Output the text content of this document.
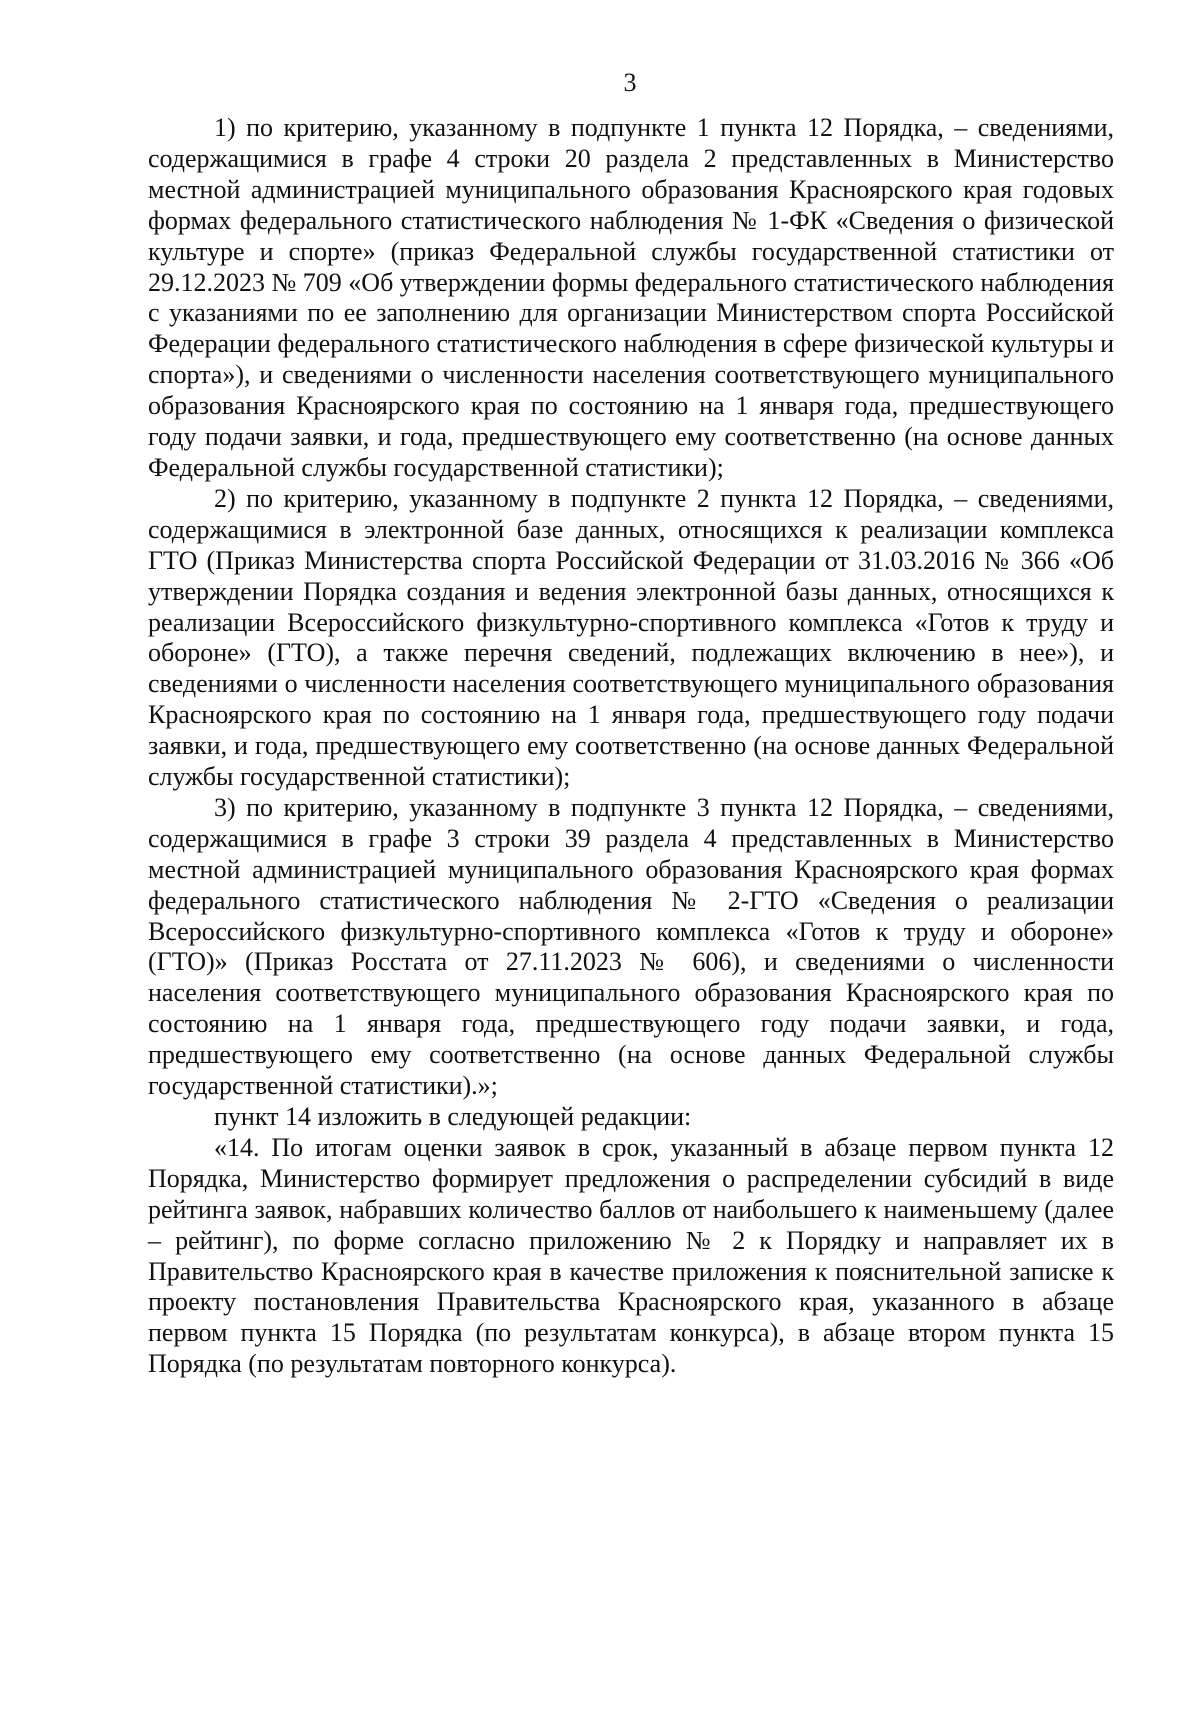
3

1) по критерию, указанному в подпункте 1 пункта 12 Порядка, – сведениями, содержащимися в графе 4 строки 20 раздела 2 представленных в Министерство местной администрацией муниципального образования Красноярского края годовых формах федерального статистического наблюдения № 1-ФК «Сведения о физической культуре и спорте» (приказ Федеральной службы государственной статистики от 29.12.2023 № 709 «Об утверждении формы федерального статистического наблюдения с указаниями по ее заполнению для организации Министерством спорта Российской Федерации федерального статистического наблюдения в сфере физической культуры и спорта»), и сведениями о численности населения соответствующего муниципального образования Красноярского края по состоянию на 1 января года, предшествующего году подачи заявки, и года, предшествующего ему соответственно (на основе данных Федеральной службы государственной статистики);

2) по критерию, указанному в подпункте 2 пункта 12 Порядка, – сведениями, содержащимися в электронной базе данных, относящихся к реализации комплекса ГТО (Приказ Министерства спорта Российской Федерации от 31.03.2016 № 366 «Об утверждении Порядка создания и ведения электронной базы данных, относящихся к реализации Всероссийского физкультурно-спортивного комплекса «Готов к труду и обороне» (ГТО), а также перечня сведений, подлежащих включению в нее»), и сведениями о численности населения соответствующего муниципального образования Красноярского края по состоянию на 1 января года, предшествующего году подачи заявки, и года, предшествующего ему соответственно (на основе данных Федеральной службы государственной статистики);

3) по критерию, указанному в подпункте 3 пункта 12 Порядка, – сведениями, содержащимися в графе 3 строки 39 раздела 4 представленных в Министерство местной администрацией муниципального образования Красноярского края формах федерального статистического наблюдения № 2-ГТО «Сведения о реализации Всероссийского физкультурно-спортивного комплекса «Готов к труду и обороне» (ГТО)» (Приказ Росстата от 27.11.2023 № 606), и сведениями о численности населения соответствующего муниципального образования Красноярского края по состоянию на 1 января года, предшествующего году подачи заявки, и года, предшествующего ему соответственно (на основе данных Федеральной службы государственной статистики).»;

пункт 14 изложить в следующей редакции:

«14. По итогам оценки заявок в срок, указанный в абзаце первом пункта 12 Порядка, Министерство формирует предложения о распределении субсидий в виде рейтинга заявок, набравших количество баллов от наибольшего к наименьшему (далее – рейтинг), по форме согласно приложению № 2 к Порядку и направляет их в Правительство Красноярского края в качестве приложения к пояснительной записке к проекту постановления Правительства Красноярского края, указанного в абзаце первом пункта 15 Порядка (по результатам конкурса), в абзаце втором пункта 15 Порядка (по результатам повторного конкурса).
